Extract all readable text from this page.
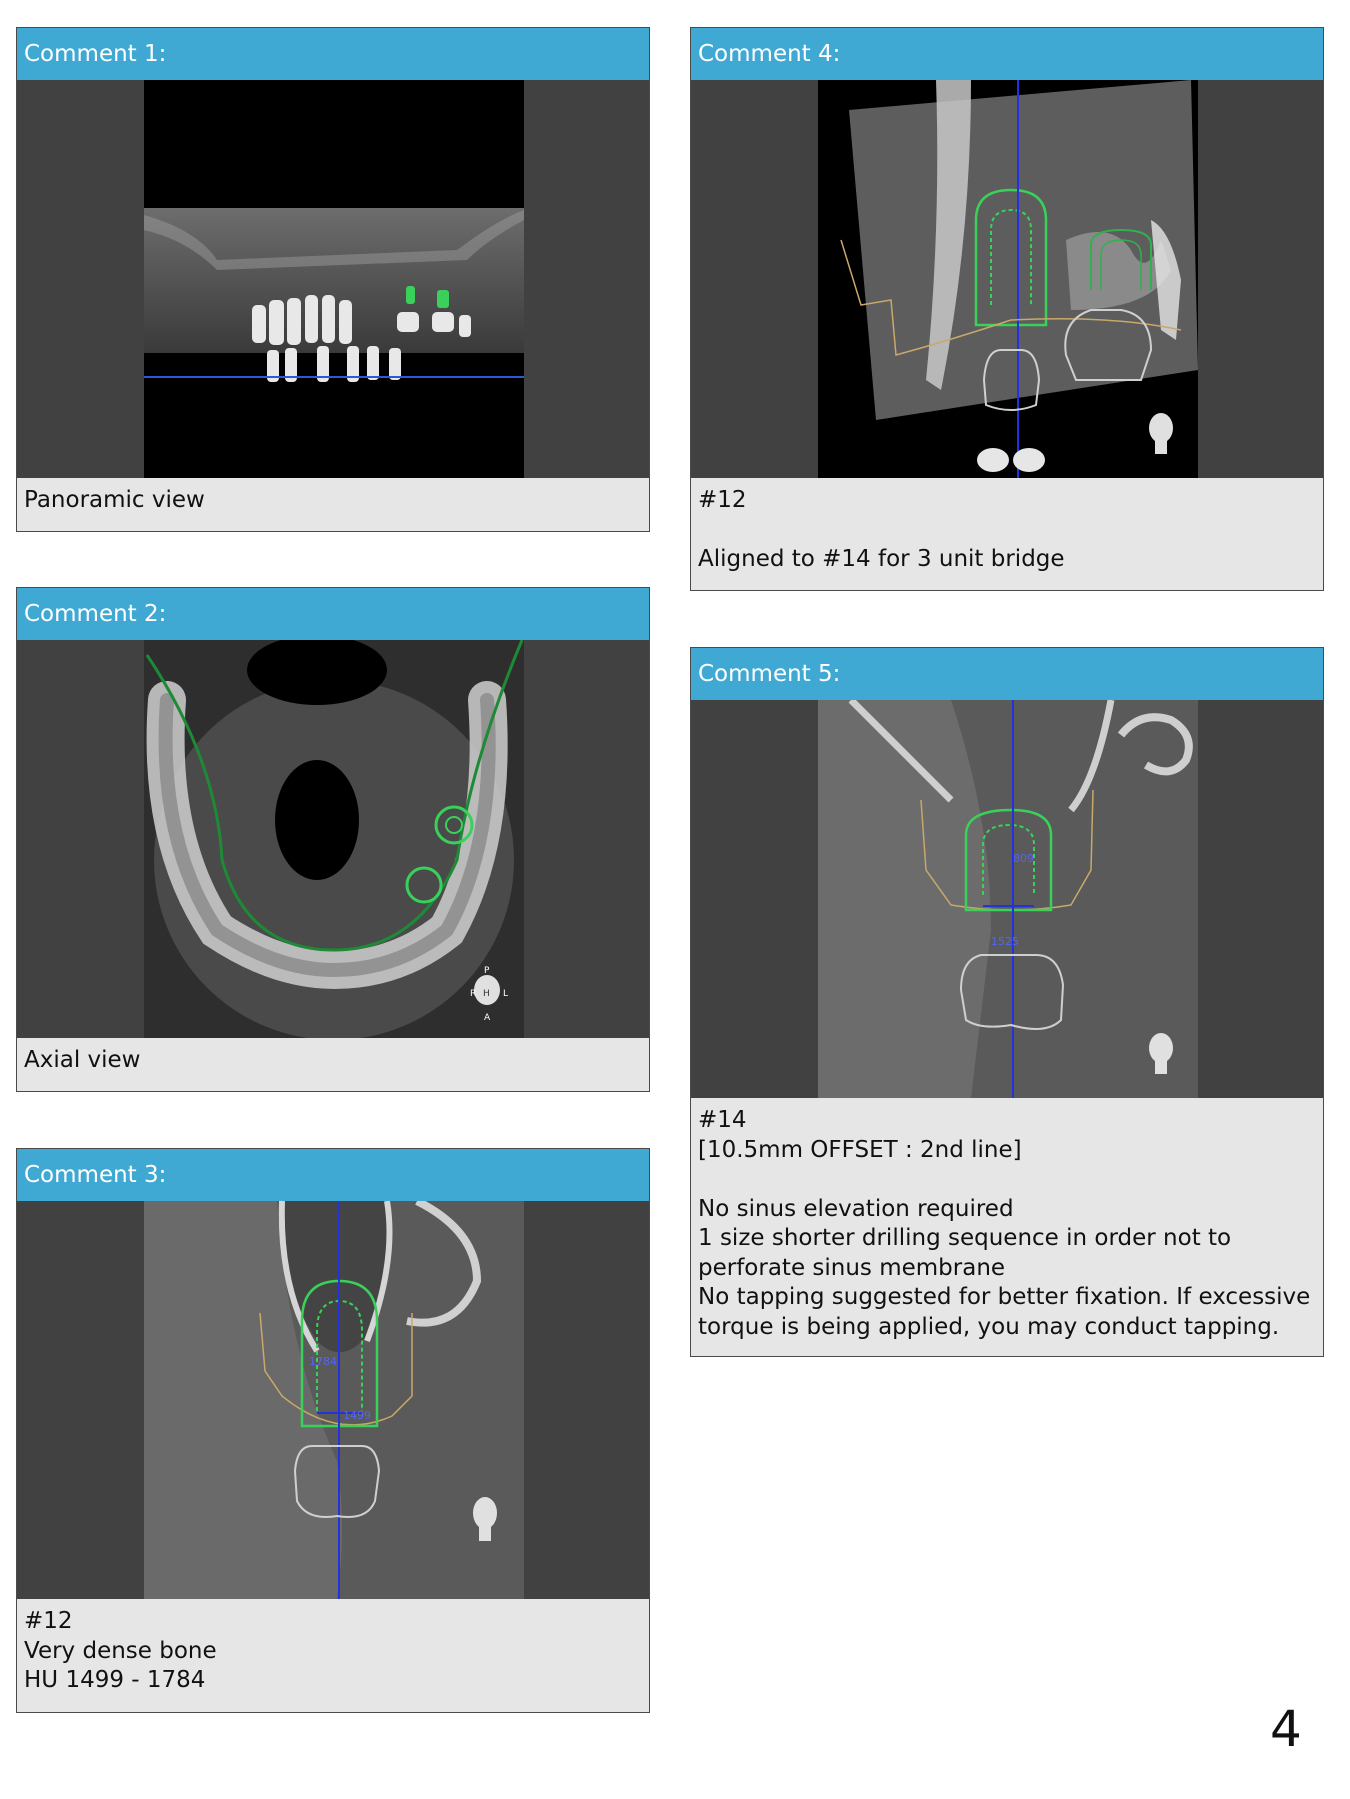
Comment 1:
Panoramic view
Comment 2:
P
R H L
A
Axial view
Comment 3:
1784
1499
#12
Very dense bone
HU 1499 - 1784
Comment 4:
#12

Aligned to #14 for 3 unit bridge
Comment 5:
809
1525
#14
[10.5mm OFFSET : 2nd line]

No sinus elevation required
1 size shorter drilling sequence in order not to perforate sinus membrane
No tapping suggested for better fixation. If excessive torque is being applied, you may conduct tapping.
4
